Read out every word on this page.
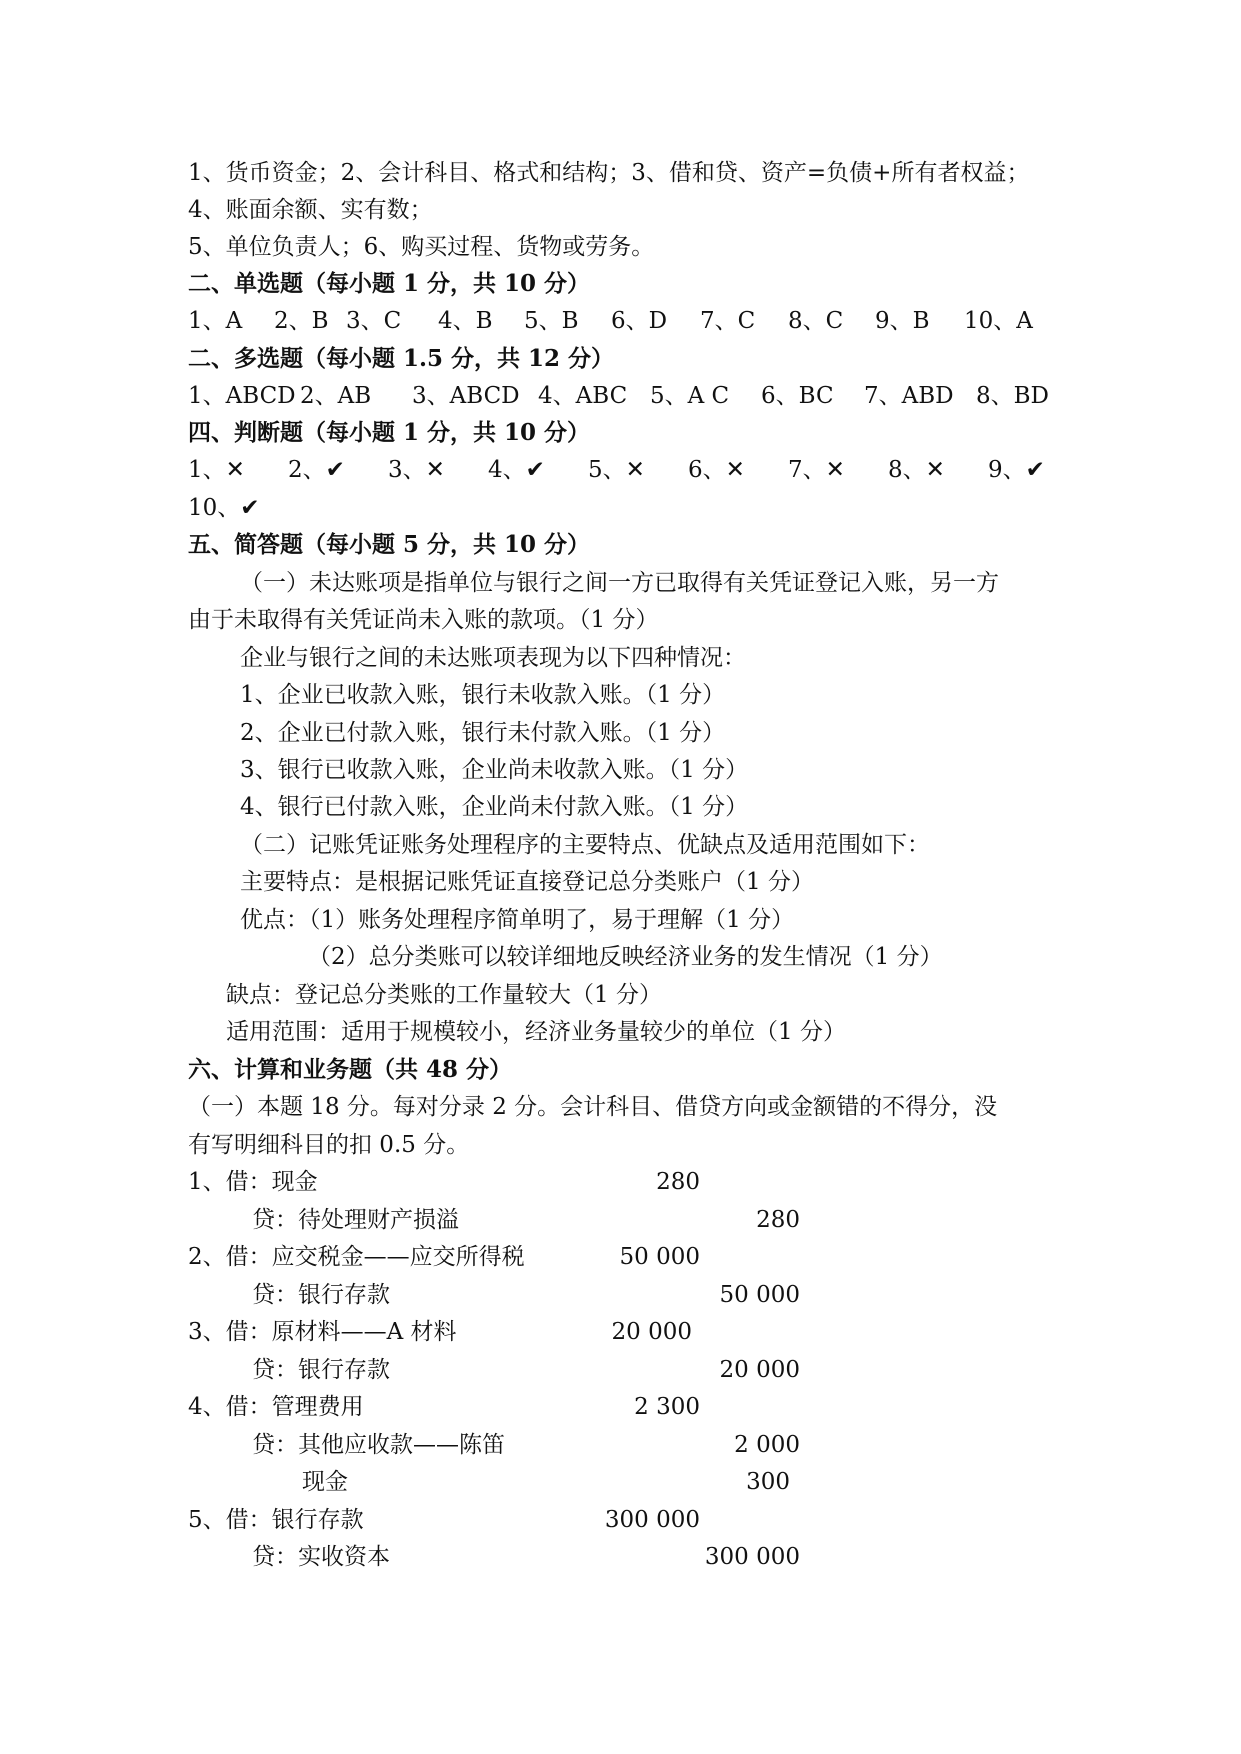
1、货币资金；2、会计科目、格式和结构；3、借和贷、资产=负债+所有者权益；
4、账面余额、实有数；
5、单位负责人；6、购买过程、货物或劳务。
二、单选题（每小题 1 分，共 10 分）
1、A 2、B 3、C 4、B 5、B 6、D 7、C 8、C 9、B 10、A
二、多选题（每小题 1.5 分，共 12 分）
1、ABCD 2、AB 3、ABCD 4、ABC 5、A C 6、BC 7、ABD 8、BD
四、判断题（每小题 1 分，共 10 分）
1、✕ 2、✔ 3、✕ 4、✔ 5、✕ 6、✕ 7、✕ 8、✕ 9、✔
10、✔
五、简答题（每小题 5 分，共 10 分）
（一）未达账项是指单位与银行之间一方已取得有关凭证登记入账，另一方
由于未取得有关凭证尚未入账的款项。（1 分）
企业与银行之间的未达账项表现为以下四种情况：
1、企业已收款入账，银行未收款入账。（1 分）
2、企业已付款入账，银行未付款入账。（1 分）
3、银行已收款入账，企业尚未收款入账。（1 分）
4、银行已付款入账，企业尚未付款入账。（1 分）
（二）记账凭证账务处理程序的主要特点、优缺点及适用范围如下：
主要特点：是根据记账凭证直接登记总分类账户（1 分）
优点：（1）账务处理程序简单明了，易于理解（1 分）
（2）总分类账可以较详细地反映经济业务的发生情况（1 分）
缺点：登记总分类账的工作量较大（1 分）
适用范围：适用于规模较小，经济业务量较少的单位（1 分）
六、计算和业务题（共 48 分）
（一）本题 18 分。每对分录 2 分。会计科目、借贷方向或金额错的不得分，没
有写明细科目的扣 0.5 分。
1、借：现金	280
贷：待处理财产损溢	280
2、借：应交税金——应交所得税	50 000
贷：银行存款	50 000
3、借：原材料——A 材料	20 000
贷：银行存款	20 000
4、借：管理费用	2 300
贷：其他应收款——陈笛	2 000
现金	300
5、借：银行存款	300 000
贷：实收资本	300 000
